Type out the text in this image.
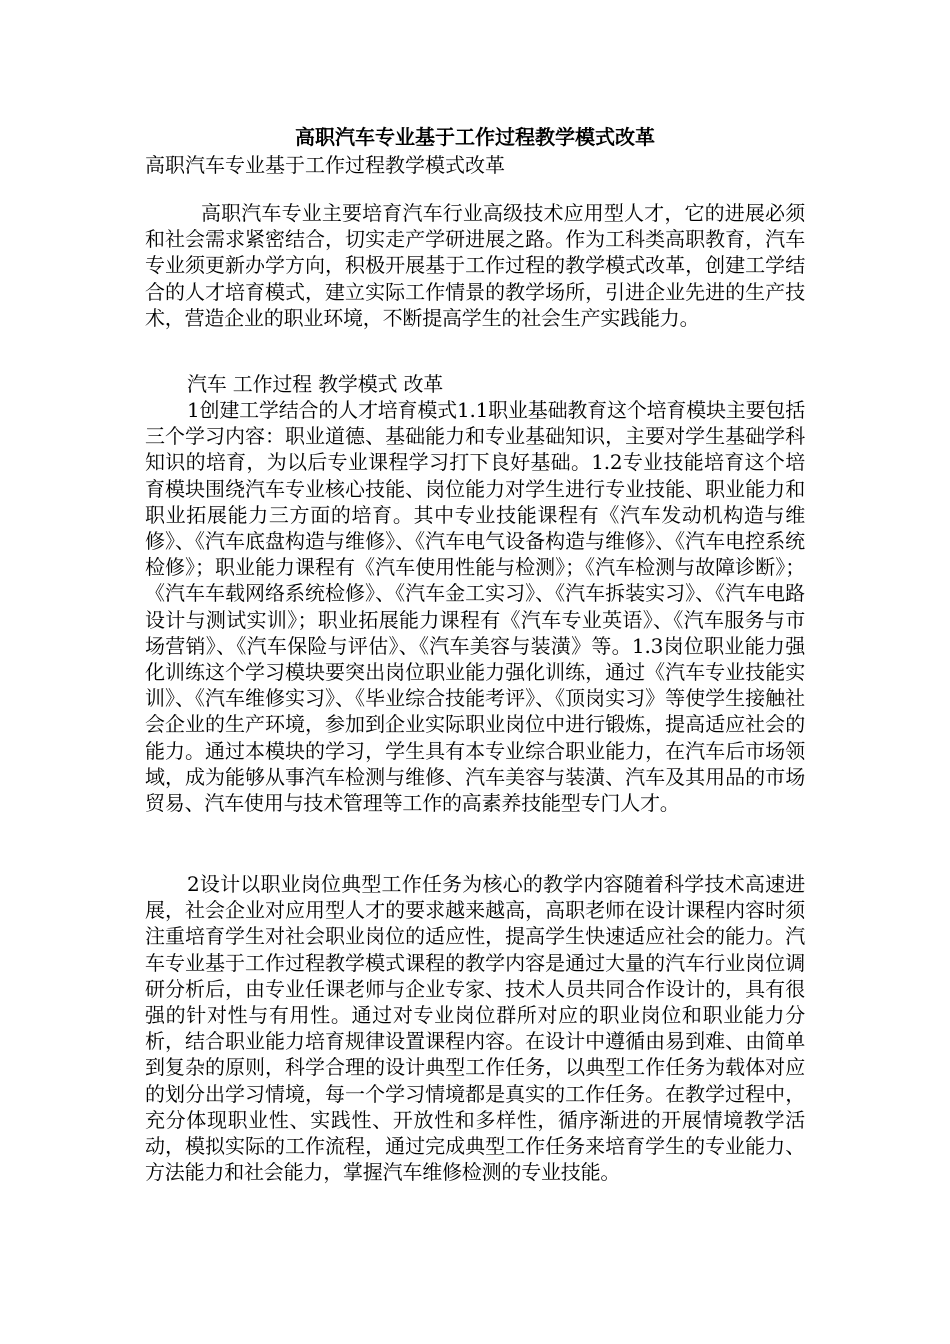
高职汽车专业基于工作过程教学模式改革
高职汽车专业基于工作过程教学模式改革

高职汽车专业主要培育汽车行业高级技术应用型人才，它的进展必须和社会需求紧密结合，切实走产学研进展之路。作为工科类高职教育，汽车专业须更新办学方向，积极开展基于工作过程的教学模式改革，创建工学结合的人才培育模式，建立实际工作情景的教学场所，引进企业先进的生产技术，营造企业的职业环境，不断提高学生的社会生产实践能力。

汽车 工作过程 教学模式 改革

1创建工学结合的人才培育模式1.1职业基础教育这个培育模块主要包括三个学习内容：职业道德、基础能力和专业基础知识，主要对学生基础学科知识的培育，为以后专业课程学习打下良好基础。1.2专业技能培育这个培育模块围绕汽车专业核心技能、岗位能力对学生进行专业技能、职业能力和职业拓展能力三方面的培育。其中专业技能课程有《汽车发动机构造与维修》、《汽车底盘构造与维修》、《汽车电气设备构造与维修》、《汽车电控系统检修》；职业能力课程有《汽车使用性能与检测》；《汽车检测与故障诊断》；《汽车车载网络系统检修》、《汽车金工实习》、《汽车拆装实习》、《汽车电路设计与测试实训》；职业拓展能力课程有《汽车专业英语》、《汽车服务与市场营销》、《汽车保险与评估》、《汽车美容与装潢》等。1.3岗位职业能力强化训练这个学习模块要突出岗位职业能力强化训练，通过《汽车专业技能实训》、《汽车维修实习》、《毕业综合技能考评》、《顶岗实习》等使学生接触社会企业的生产环境，参加到企业实际职业岗位中进行锻炼，提高适应社会的能力。通过本模块的学习，学生具有本专业综合职业能力，在汽车后市场领域，成为能够从事汽车检测与维修、汽车美容与装潢、汽车及其用品的市场贸易、汽车使用与技术管理等工作的高素养技能型专门人才。

2设计以职业岗位典型工作任务为核心的教学内容随着科学技术高速进展，社会企业对应用型人才的要求越来越高，高职老师在设计课程内容时须注重培育学生对社会职业岗位的适应性，提高学生快速适应社会的能力。汽车专业基于工作过程教学模式课程的教学内容是通过大量的汽车行业岗位调研分析后，由专业任课老师与企业专家、技术人员共同合作设计的，具有很强的针对性与有用性。通过对专业岗位群所对应的职业岗位和职业能力分析，结合职业能力培育规律设置课程内容。在设计中遵循由易到难、由简单到复杂的原则，科学合理的设计典型工作任务，以典型工作任务为载体对应的划分出学习情境，每一个学习情境都是真实的工作任务。在教学过程中，充分体现职业性、实践性、开放性和多样性，循序渐进的开展情境教学活动，模拟实际的工作流程，通过完成典型工作任务来培育学生的专业能力、方法能力和社会能力，掌握汽车维修检测的专业技能。
